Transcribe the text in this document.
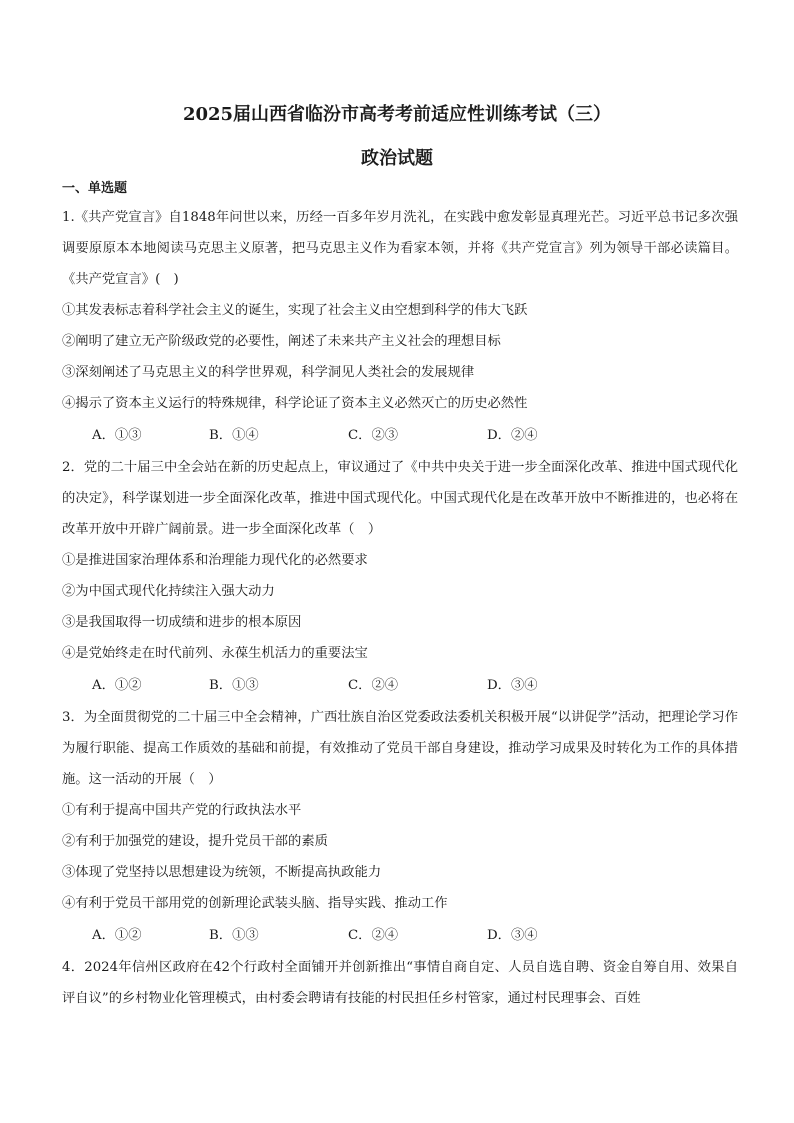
2025届山西省临汾市高考考前适应性训练考试（三）
政治试题
一、单选题

1.《共产党宣言》自1848年问世以来，历经一百多年岁月洗礼，在实践中愈发彰显真理光芒。习近平总书记多次强调要原原本本地阅读马克思主义原著，把马克思主义作为看家本领，并将《共产党宣言》列为领导干部必读篇目。《共产党宣言》(　)

①其发表标志着科学社会主义的诞生，实现了社会主义由空想到科学的伟大飞跃
②阐明了建立无产阶级政党的必要性，阐述了未来共产主义社会的理想目标
③深刻阐述了马克思主义的科学世界观，科学洞见人类社会的发展规律
④揭示了资本主义运行的特殊规律，科学论证了资本主义必然灭亡的历史必然性
A．①③	B．①④	C．②③	D．②④

2．党的二十届三中全会站在新的历史起点上，审议通过了《中共中央关于进一步全面深化改革、推进中国式现代化的决定》，科学谋划进一步全面深化改革，推进中国式现代化。中国式现代化是在改革开放中不断推进的，也必将在改革开放中开辟广阔前景。进一步全面深化改革（　）

①是推进国家治理体系和治理能力现代化的必然要求
②为中国式现代化持续注入强大动力
③是我国取得一切成绩和进步的根本原因
④是党始终走在时代前列、永葆生机活力的重要法宝
A．①②	B．①③	C．②④	D．③④

3．为全面贯彻党的二十届三中全会精神，广西壮族自治区党委政法委机关积极开展“以讲促学”活动，把理论学习作为履行职能、提高工作质效的基础和前提，有效推动了党员干部自身建设，推动学习成果及时转化为工作的具体措施。这一活动的开展（　）

①有利于提高中国共产党的行政执法水平
②有利于加强党的建设，提升党员干部的素质
③体现了党坚持以思想建设为统领，不断提高执政能力
④有利于党员干部用党的创新理论武装头脑、指导实践、推动工作
A．①②	B．①③	C．②④	D．③④

4．2024年信州区政府在42个行政村全面铺开并创新推出“事情自商自定、人员自选自聘、资金自筹自用、效果自评自议”的乡村物业化管理模式，由村委会聘请有技能的村民担任乡村管家，通过村民理事会、百姓
